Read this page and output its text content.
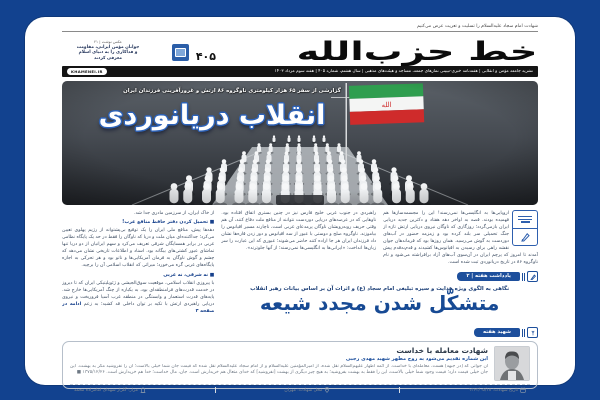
شهادت امام سجاد علیه‌السلام را تسلیت و تعزیت عرض می‌کنیم
خط حزب‌الله
۴۰۵
عکس نوشت | ۴۱
جوانان مؤمن ایرانی، مقاومت
و فداکاری را به دنیای اسلام
معرفی کردند
نشریه جامعه مؤمن و انقلابی | هفته‌نامه خبری-تبیینی نمازهای جمعه، مساجد و هیئت‌های مذهبی | سال هشتم، شماره ۴۰۵ | هفته سوم مرداد ۱۴۰۳
KHAMENEI.IR
گزارشی از سفر ۶۵ هزار کیلومتری ناوگروه ۸۶ ارتش و غرورآفرینی فرزندان ایران
انقلاب دریانوردی

اروپایی‌ها به انگلیسی‌ها نمی‌رسند! این را مجسمه‌سازها هم فهمیده بودند. قصه به اواخر دهه هفتاد و دکترین جدید دریایی ایران بازمی‌گردد؛ روزگاری که ناوگان نیروی دریایی ارتش تازه از جنگ تحمیلی سر بلند کرده بود و زمزمه حضور در آب‌های دوردست به گوش می‌رسید. همان روزها بود که فرماندهان جوان نقشه راهی برای رسیدن به اقیانوس‌ها کشیدند و قدم‌به‌قدم پیش آمدند تا امروز که پرچم ایران در آن‌سوی آب‌های آزاد برافراشته می‌شود و نام ناوگروه ۸۶ در تاریخ دریانوردی ثبت شده است.

راهبردی در جنوب غربی خلیج فارس نیز در چنین بستری اتفاق افتاده بود. ناوهایی که در عرصه‌های دریایی دوردست نتوانند از منافع ملت دفاع کنند، آن هم وقتی حریف روبه‌رویشان ناوگان پرمدعای غربی است، ناچارند مسیر اقیانوس را بیاموزند. ناوگروه صلح و دوستی با عبور از سه اقیانوس و دور زدن قاره‌ها نشان داد فرزندان ایران هر جا اراده کنند حاضر می‌شوند؛ عبوری که این عبارت را سر زبان‌ها انداخت: «ایرانی‌ها به انگلیسی‌ها نمی‌رسند؛ از آنها جلوترند».

یادداشت هفته | ۲
نگاهی به الگوی ویژه هدایت و سیره تبلیغی امام سجاد (ع) و اثرات آن بر اساس بیانات رهبر انقلاب
متشکّل شدن مجدد شیعه

از خاک ایران، از سرزمین مادری جدا شد.

■ تحمیل کردن دفتر حافظ منافع غرب!

دهه‌ها پیش، منافع ملی ایران را یک توقیع بی‌پشتوانه از رژیم پهلوی تعیین می‌کرد؛ جداکننده‌ای میان ملت و دریا که ناوگان را فقط در حد یک پایگاه نظامی غربی در برابر همسایگان شرقی تعریف می‌کرد و سهم ایرانیان از دو دریا تنها تماشای عبور کشتی‌های بیگانه بود. اسناد و اطلاعات تاریخی نشان می‌دهد که چشم و گوش ناوگان به فرمان آمریکایی‌ها و ناتو بود و هر تحرکی به اجازه پایگاه‌های غربی گره می‌خورد؛ میراثی که انقلاب اسلامی آن را برچید.

■ نه شرقی، نه غربی

با پیروزی انقلاب اسلامی، موقعیت سوق‌الجیشی و ژئوپلیتیکی ایران که تا دیروز در خدمت قدرت‌های فرامنطقه‌ای بود، به یکباره از چنگ آمریکایی‌ها خارج شد. پایه‌های قدرت استعمار و وابستگی در منطقه غرب آسیا فروریخت و نیروی دریایی راهبردی ارتش با تکیه بر توان داخلی قد کشید؛ به زعم ادامه در صفحه ۳

شهید هفته

شهادت معامله با خداست

این شماره تقدیم می‌شود به روح مطهر شهید مهدی رجبی

آن جوانی که [در جبهه] هست، معامله‌ای با خداست. از ائمه اطهار علیهم‌السلام نقل شده، از امیرالمؤمنین علیه‌السلام و از امام سجاد علیه‌السلام نقل شده که قیمت جان شما خیلی بالاست؛ آن را نفروشید مگر به بهشت. این جان خیلی قیمت دارد؛ قیمت وجود شما خیلی بالاست، این را فقط به بهشت بفروشید؛ به هیچ چیز دیگری از بهشت [نفروشید] که خدای متعال هم خریدارش است. جان، مال خداست؛ خدا هم خریدارش است. ۱۳۷۵/۱۲/۲۶ ■

تاریخ شهادت: ۱۳۶۳/۰۵/۱۸
محل شهادت: مهران
مزار: گلزار شهدای امامزاده محمد
